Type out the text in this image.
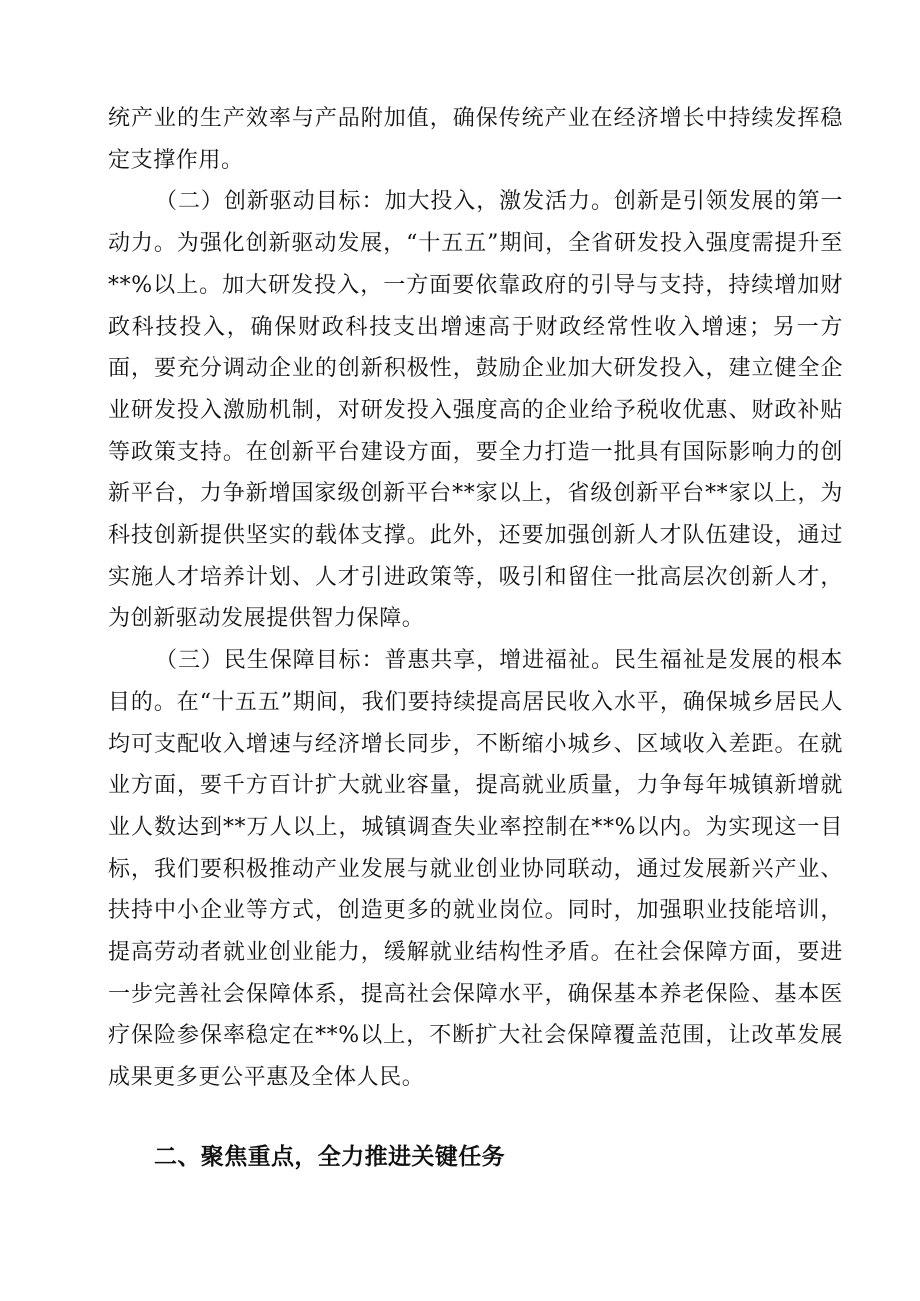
统产业的生产效率与产品附加值，确保传统产业在经济增长中持续发挥稳定支撑作用。

（二）创新驱动目标：加大投入，激发活力。创新是引领发展的第一动力。为强化创新驱动发展，“十五五”期间，全省研发投入强度需提升至**%以上。加大研发投入，一方面要依靠政府的引导与支持，持续增加财政科技投入，确保财政科技支出增速高于财政经常性收入增速；另一方面，要充分调动企业的创新积极性，鼓励企业加大研发投入，建立健全企业研发投入激励机制，对研发投入强度高的企业给予税收优惠、财政补贴等政策支持。在创新平台建设方面，要全力打造一批具有国际影响力的创新平台，力争新增国家级创新平台**家以上，省级创新平台**家以上，为科技创新提供坚实的载体支撑。此外，还要加强创新人才队伍建设，通过实施人才培养计划、人才引进政策等，吸引和留住一批高层次创新人才，为创新驱动发展提供智力保障。

（三）民生保障目标：普惠共享，增进福祉。民生福祉是发展的根本目的。在“十五五”期间，我们要持续提高居民收入水平，确保城乡居民人均可支配收入增速与经济增长同步，不断缩小城乡、区域收入差距。在就业方面，要千方百计扩大就业容量，提高就业质量，力争每年城镇新增就业人数达到**万人以上，城镇调查失业率控制在**%以内。为实现这一目标，我们要积极推动产业发展与就业创业协同联动，通过发展新兴产业、扶持中小企业等方式，创造更多的就业岗位。同时，加强职业技能培训，提高劳动者就业创业能力，缓解就业结构性矛盾。在社会保障方面，要进一步完善社会保障体系，提高社会保障水平，确保基本养老保险、基本医疗保险参保率稳定在**%以上，不断扩大社会保障覆盖范围，让改革发展成果更多更公平惠及全体人民。

二、聚焦重点，全力推进关键任务
